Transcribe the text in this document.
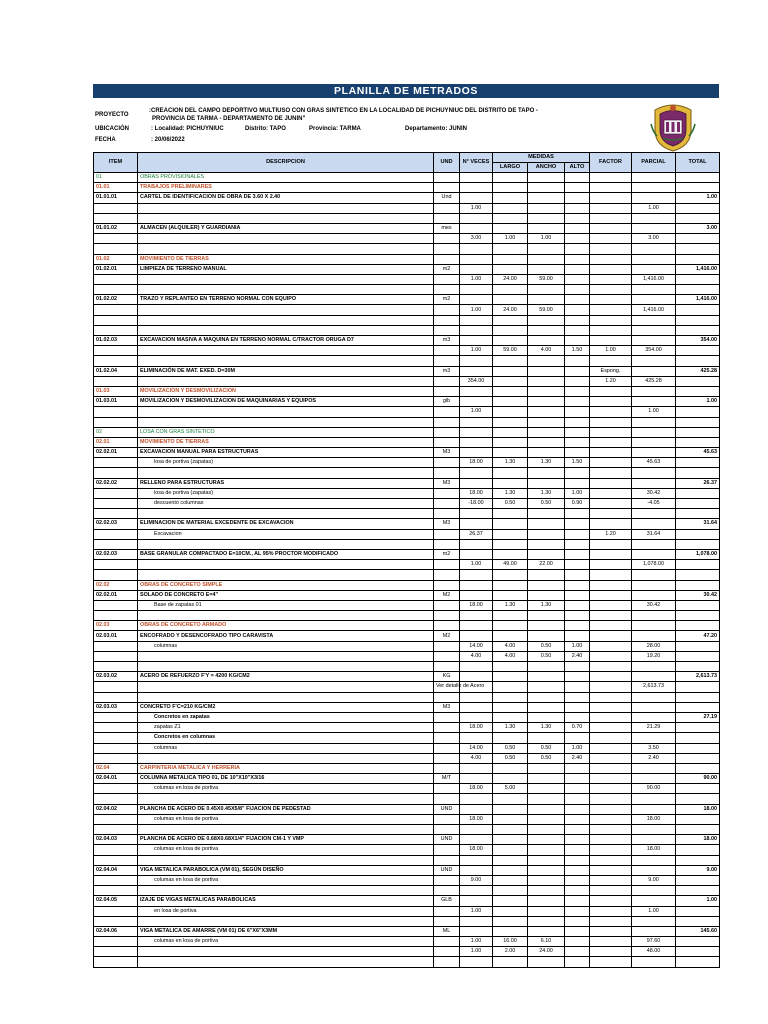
PLANILLA DE METRADOS
PROYECTO
:CREACION DEL CAMPO DEPORTIVO MULTIUSO CON GRAS SINTETICO EN LA LOCALIDAD DE PICHUYNIUC DEL DISTRITO DE TAPO -
PROVINCIA DE TARMA - DEPARTAMENTO DE JUNIN"
UBICACIÓN	: Localidad: PICHUYNIUC	Distrito: TAPO	Provincia: TARMA	Departamento: JUNIN
FECHA	: 20/06/2022
ITEM	DESCRIPCION	UND	N° VECES	MEDIDAS			FACTOR	PARCIAL	TOTAL
				LARGO	ANCHO	ALTO			
01	OBRAS PROVISIONALES								
01.01	TRABAJOS PRELIMINARES								
01.01.01	CARTEL DE IDENTIFICACION DE OBRA DE 3.60 X 2.40	Und							1.00
			1.00					1.00	

01.01.02	ALMACEN (ALQUILER) Y GUARDIANIA	mes							3.00
			3.00	1.00	1.00			3.00	

01.02	MOVIMIENTO DE TIERRAS								
01.02.01	LIMPIEZA DE TERRENO MANUAL	m2							1,416.00
			1.00	24.00	59.00			1,416.00	

01.02.02	TRAZO Y REPLANTEO EN TERRENO NORMAL CON EQUIPO	m2							1,416.00
			1.00	24.00	59.00			1,416.00	

01.02.03	EXCAVACION MASIVA A MAQUINA EN TERRENO NORMAL C/TRACTOR ORUGA D7	m3							354.00
			1.00	59.00	4.00	1.50	1.00	354.00	

01.02.04	ELIMINACIÓN DE MAT. EXED. D=30M	m3					Espong.		425.28
			354.00				1.20	425.28	
01.03	MOVILIZACION Y DESMOVILIZACION								
01.03.01	MOVILIZACION Y DESMOVILIZACION DE MAQUINARIAS Y EQUIPOS	glb							1.00
			1.00					1.00	

02	LOSA CON GRAS SINTETICO								
02.01	MOVIMIENTO DE TIERRAS								
02.02.01	EXCAVACION MANUAL PARA ESTRUCTURAS	M3							45.63
	losa de portiva (zapatas)		18.00	1.30	1.30	1.50		45.63	

02.02.02	RELLENO PARA ESTRUCTURAS	M3							26.37
	losa de portiva (zapatas)		18.00	1.30	1.30	1.00		30.42	
	descuento columnas		-18.00	0.50	0.50	0.90		-4.05	

02.02.03	ELIMINACION DE MATERIAL EXCEDENTE DE EXCAVACION	M3							31.64
	Excavacion		26.37				1.20	31.64	

02.02.03	BASE GRANULAR COMPACTADO E=10CM., AL 95% PROCTOR MODIFICADO	m2							1,078.00
			1.00	49.00	22.00			1,078.00	

02.02	OBRAS DE CONCRETO SIMPLE								
02.02.01	SOLADO DE CONCRETO E=4"	M2							30.42
	Base de zapatas 01		18.00	1.30	1.30			30.42	

02.03	OBRAS DE CONCRETO ARMADO								
02.03.01	ENCOFRADO Y DESENCOFRADO TIPO CARAVISTA	M2							47.20
	columnas		14.00	4.00	0.50	1.00		28.00	
			4.00	4.00	0.50	2.40		19.20	

02.03.02	ACERO DE REFUERZO F'Y = 4200 KG/CM2	KG							2,613.73
		Ver detalle de Acero						2,613.73	

02.03.03	CONCRETO F'C=210 KG/CM2	M3							
	Concretos en zapatas								27.19
	zapatas Z1		18.00	1.30	1.30	0.70		21.29	
	Concretos en columnas								
	columnas		14.00	0.50	0.50	1.00		3.50	
			4.00	0.50	0.50	2.40		2.40	
02.04	CARPINTERIA METALICA Y HERRERIA								
02.04.01	COLUMNA METALICA TIPO 01, DE 10"X10"X3/16	M/T							90.00
	columas en losa de portiva		18.00	5.00				90.00	

02.04.02	PLANCHA DE ACERO DE 0.45X0.45X5/8" FIJACION DE PEDESTAD	UND							18.00
	columas en losa de portiva		18.00					18.00	

02.04.03	PLANCHA DE ACERO DE 0.68X0.68X1/4" FIJACION CM-1 Y VMP	UND							18.00
	columas en losa de portiva		18.00					18.00	

02.04.04	VIGA METALICA PARABOLICA (VM 01), SEGÚN DISEÑO	UND							9.00
	columas en losa de portiva		9.00					9.00	

02.04.05	IZAJE DE VIGAS METALICAS PARABOLICAS	GLB							1.00
	en losa de portiva		1.00					1.00	

02.04.06	VIGA METALICA DE AMARRE (VM 01) DE 6"X6"X3MM	ML							145.60
	columas en losa de portiva		1.00	16.00	6.10			97.60	
			1.00	2.00	24.00			48.00	
